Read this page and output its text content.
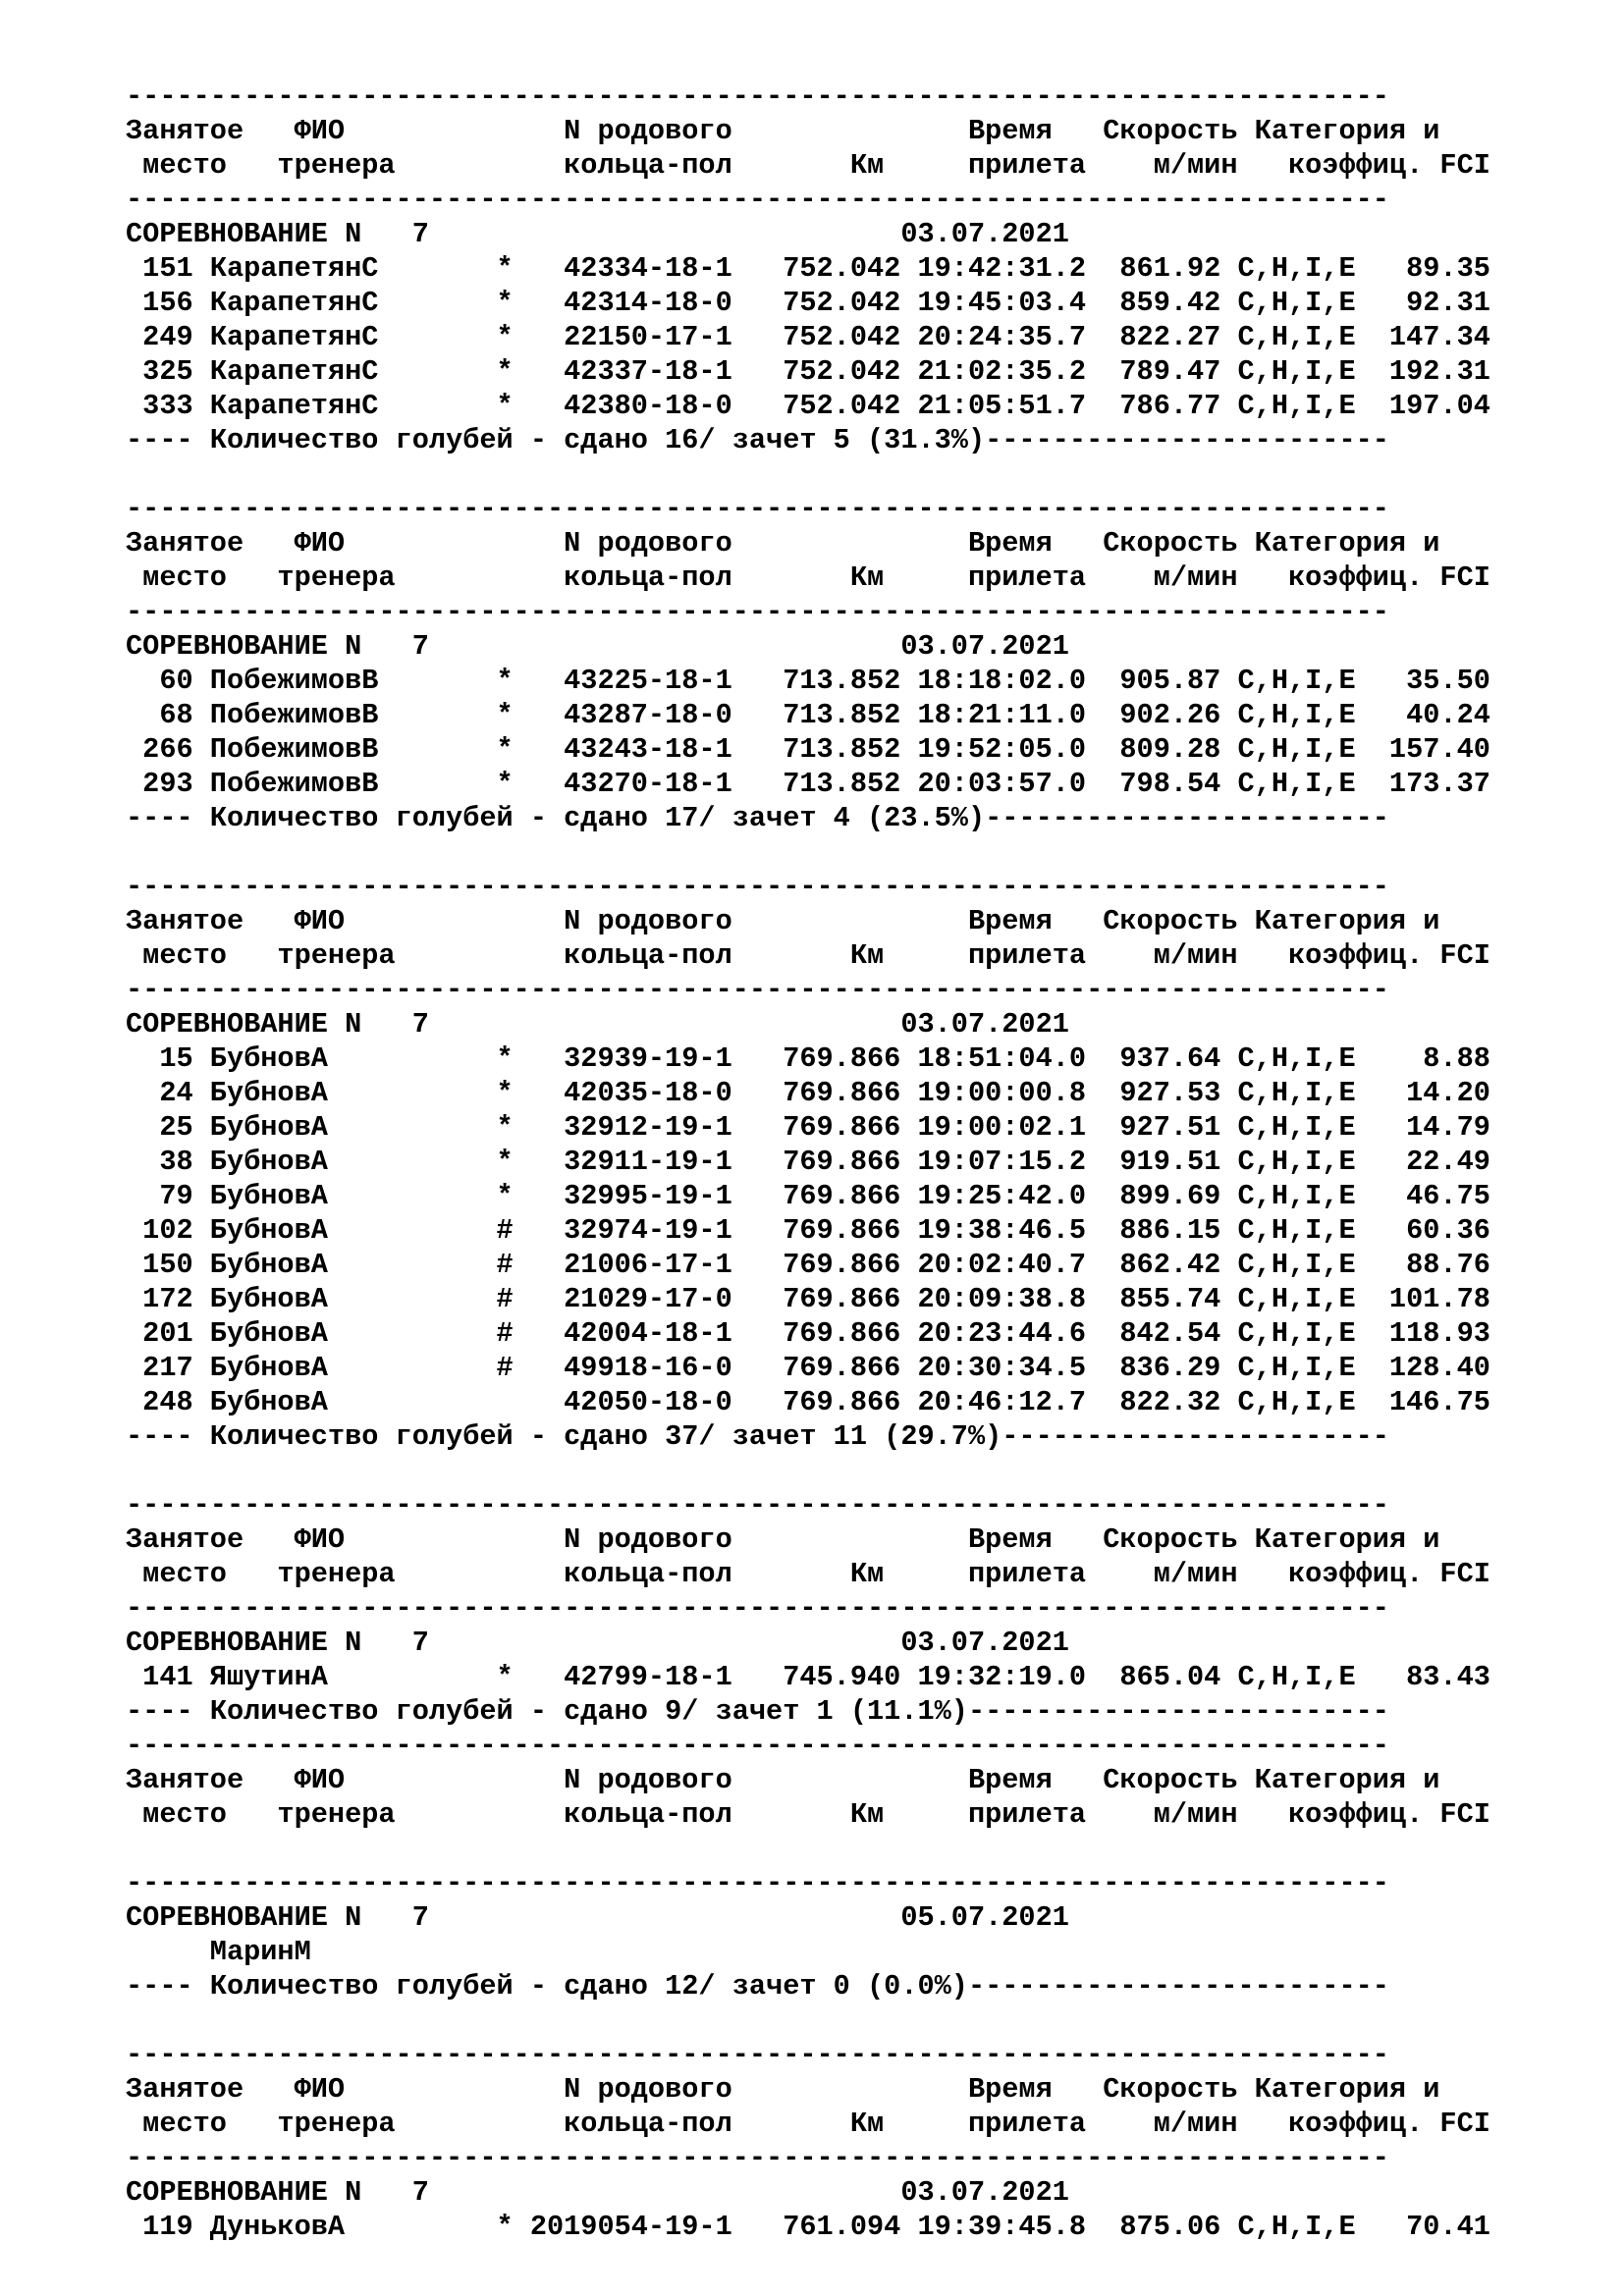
---------------------------------------------------------------------------
Занятое   ФИО             N родового              Время   Скорость Категория и
место   тренера          кольца-пол       Км     прилета    м/мин   коэффиц. FCI
---------------------------------------------------------------------------
СОРЕВНОВАНИЕ N   7                            03.07.2021
151 КарапетянС       *   42334-18-1   752.042 19:42:31.2  861.92 C,H,I,E   89.35
156 КарапетянС       *   42314-18-0   752.042 19:45:03.4  859.42 C,H,I,E   92.31
249 КарапетянС       *   22150-17-1   752.042 20:24:35.7  822.27 C,H,I,E  147.34
325 КарапетянС       *   42337-18-1   752.042 21:02:35.2  789.47 C,H,I,E  192.31
333 КарапетянС       *   42380-18-0   752.042 21:05:51.7  786.77 C,H,I,E  197.04
---- Количество голубей - сдано 16/ зачет 5 (31.3%)------------------------
---------------------------------------------------------------------------
Занятое   ФИО             N родового              Время   Скорость Категория и
место   тренера          кольца-пол       Км     прилета    м/мин   коэффиц. FCI
---------------------------------------------------------------------------
СОРЕВНОВАНИЕ N   7                            03.07.2021
60 ПобежимовВ       *   43225-18-1   713.852 18:18:02.0  905.87 C,H,I,E   35.50
68 ПобежимовВ       *   43287-18-0   713.852 18:21:11.0  902.26 C,H,I,E   40.24
266 ПобежимовВ       *   43243-18-1   713.852 19:52:05.0  809.28 C,H,I,E  157.40
293 ПобежимовВ       *   43270-18-1   713.852 20:03:57.0  798.54 C,H,I,E  173.37
---- Количество голубей - сдано 17/ зачет 4 (23.5%)------------------------
---------------------------------------------------------------------------
Занятое   ФИО             N родового              Время   Скорость Категория и
место   тренера          кольца-пол       Км     прилета    м/мин   коэффиц. FCI
---------------------------------------------------------------------------
СОРЕВНОВАНИЕ N   7                            03.07.2021
15 БубновА          *   32939-19-1   769.866 18:51:04.0  937.64 C,H,I,E    8.88
24 БубновА          *   42035-18-0   769.866 19:00:00.8  927.53 C,H,I,E   14.20
25 БубновА          *   32912-19-1   769.866 19:00:02.1  927.51 C,H,I,E   14.79
38 БубновА          *   32911-19-1   769.866 19:07:15.2  919.51 C,H,I,E   22.49
79 БубновА          *   32995-19-1   769.866 19:25:42.0  899.69 C,H,I,E   46.75
102 БубновА          #   32974-19-1   769.866 19:38:46.5  886.15 C,H,I,E   60.36
150 БубновА          #   21006-17-1   769.866 20:02:40.7  862.42 C,H,I,E   88.76
172 БубновА          #   21029-17-0   769.866 20:09:38.8  855.74 C,H,I,E  101.78
201 БубновА          #   42004-18-1   769.866 20:23:44.6  842.54 C,H,I,E  118.93
217 БубновА          #   49918-16-0   769.866 20:30:34.5  836.29 C,H,I,E  128.40
248 БубновА              42050-18-0   769.866 20:46:12.7  822.32 C,H,I,E  146.75
---- Количество голубей - сдано 37/ зачет 11 (29.7%)-----------------------
---------------------------------------------------------------------------
Занятое   ФИО             N родового              Время   Скорость Категория и
место   тренера          кольца-пол       Км     прилета    м/мин   коэффиц. FCI
---------------------------------------------------------------------------
СОРЕВНОВАНИЕ N   7                            03.07.2021
141 ЯшутинА          *   42799-18-1   745.940 19:32:19.0  865.04 C,H,I,E   83.43
---- Количество голубей - сдано 9/ зачет 1 (11.1%)-------------------------
---------------------------------------------------------------------------
Занятое   ФИО             N родового              Время   Скорость Категория и
место   тренера          кольца-пол       Км     прилета    м/мин   коэффиц. FCI
---------------------------------------------------------------------------
СОРЕВНОВАНИЕ N   7                            05.07.2021
МаринМ
---- Количество голубей - сдано 12/ зачет 0 (0.0%)-------------------------
---------------------------------------------------------------------------
Занятое   ФИО             N родового              Время   Скорость Категория и
место   тренера          кольца-пол       Км     прилета    м/мин   коэффиц. FCI
---------------------------------------------------------------------------
СОРЕВНОВАНИЕ N   7                            03.07.2021
119 ДуньковА         * 2019054-19-1   761.094 19:39:45.8  875.06 C,H,I,E   70.41
